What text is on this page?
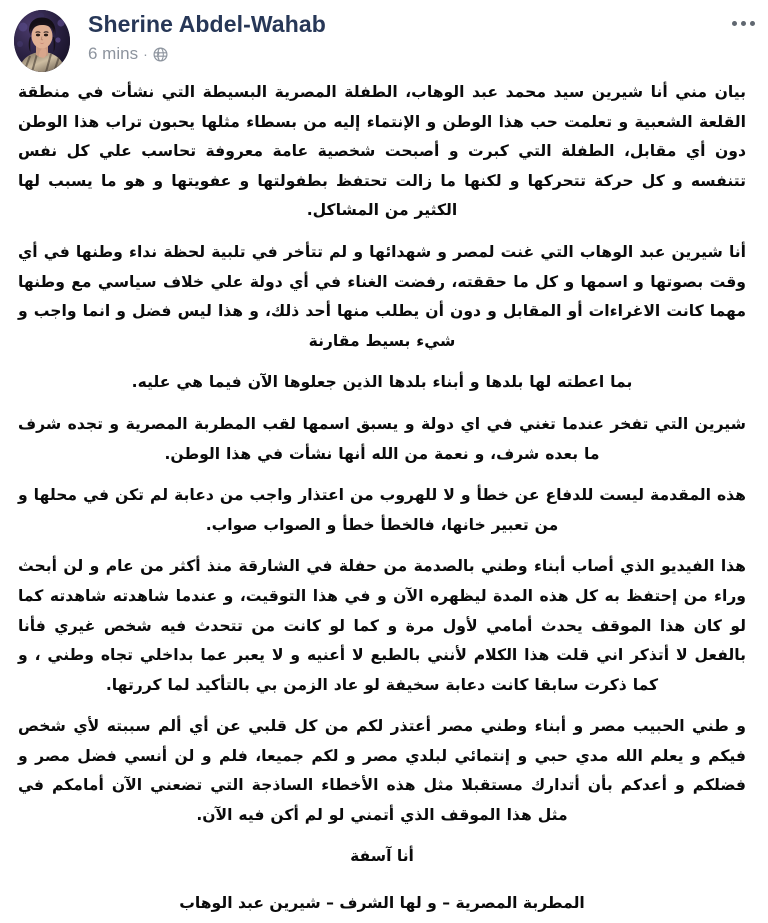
Sherine Abdel-Wahab
6 mins ·

بيان مني أنا شيرين سيد محمد عبد الوهاب، الطفلة المصرية البسيطة التي نشأت في منطقة القلعة الشعبية و تعلمت حب هذا الوطن و الإنتماء إليه من بسطاء مثلها يحبون تراب هذا الوطن دون أي مقابل، الطفلة التي كبرت و أصبحت شخصية عامة معروفة تحاسب علي كل نفس تتنفسه و كل حركة تتحركها و لكنها ما زالت تحتفظ بطفولتها و عفويتها و هو ما يسبب لها الكثير من المشاكل.

أنا شيرين عبد الوهاب التي غنت لمصر و شهدائها و لم تتأخر في تلبية لحظة نداء وطنها في أي وقت بصوتها و اسمها و كل ما حققته، رفضت الغناء في أي دولة علي خلاف سياسي مع وطنها مهما كانت الاغراءات أو المقابل و دون أن يطلب منها أحد ذلك، و هذا ليس فضل و انما واجب و شيء بسيط مقارنة

بما اعطته لها بلدها و أبناء بلدها الذين جعلوها الآن فيما هي عليه.

شيرين التي تفخر عندما تغني في اي دولة و يسبق اسمها لقب المطربة المصرية و تجده شرف ما بعده شرف، و نعمة من الله أنها نشأت في هذا الوطن.

هذه المقدمة ليست للدفاع عن خطأ و لا للهروب من اعتذار واجب من دعابة لم تكن في محلها و من تعبير خانها، فالخطأ خطأ و الصواب صواب.

هذا الفيديو الذي أصاب أبناء وطني بالصدمة من حفلة في الشارقة منذ أكثر من عام و لن أبحث وراء من إحتفظ به كل هذه المدة ليظهره الآن و في هذا التوقيت، و عندما شاهدته شاهدته كما لو كان هذا الموقف يحدث أمامي لأول مرة و كما لو كانت من تتحدث فيه شخص غيري فأنا بالفعل لا أتذكر اني قلت هذا الكلام لأنني بالطبع لا أعنيه و لا يعبر عما بداخلي تجاه وطني ، و كما ذكرت سابقا كانت دعابة سخيفة لو عاد الزمن بي بالتأكيد لما كررتها.

و طني الحبيب مصر و أبناء وطني مصر أعتذر لكم من كل قلبي عن أي ألم سببته لأي شخص فيكم و يعلم الله مدي حبي و إنتمائي لبلدي مصر و لكم جميعا، فلم و لن أنسي فضل مصر و فضلكم و أعدكم بأن أتدارك مستقبلا مثل هذه الأخطاء الساذجة التي تضعني الآن أمامكم في مثل هذا الموقف الذي أتمني لو لم أكن فيه الآن.

أنا آسفة

المطربة المصرية – و لها الشرف – شيرين عبد الوهاب
